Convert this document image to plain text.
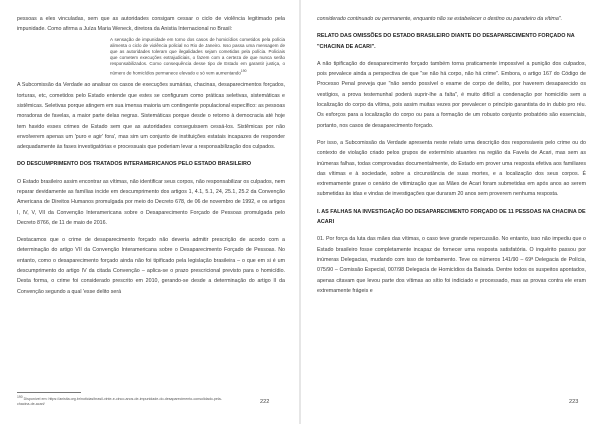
pessoas a eles vinculadas, sem que as autoridades consigam cessar o ciclo de violência legitimado pela impunidade. Como afirma a Juíza Maria Weneck, diretora da Anistia Internacional no Brasil:

A sensação de impunidade em torno dos casos de homicídios cometidos pela polícia alimenta o ciclo de violência policial no Rio de Janeiro. Isso passa uma mensagem de que as autoridades toleram que ilegalidades sejam cometidas pela polícia. Policiais que cometem execuções extrajudiciais, o fazem com a certeza de que nunca serão responsabilizados. Como consequência desse tipo de Estado em garantir justiça, o número de homicídios permanece elevado e só vem aumentando$^{190}$

A Subcomissão da Verdade ao analisar os casos de execuções sumárias, chacinas, desaparecimentos forçados, torturas, etc, cometidos pelo Estado entende que estes se configuram como práticas seletivas, sistemáticas e sistêmicas. Seletivas porque atingem em sua imensa maioria um contingente populacional específico: as pessoas moradoras de favelas, a maior parte delas negras. Sistemáticas porque desde o retorno à democracia até hoje tem havido esses crimes de Estado sem que as autoridades conseguissem cessá-los. Sistêmicas por não envolverem apenas um 'puro e agir' fora', mas sim um conjunto de instituições estatais incapazes de responder adequadamente às fases investigatórias e processuais que poderiam levar a responsabilização dos culpados.

DO DESCUMPRIMENTO DOS TRATADOS INTERAMERICANOS PELO ESTADO BRASILEIRO

O Estado brasileiro assim encontrar as vítimas, não identificar seus corpos, não responsabilizar os culpados, nem reparar devidamente as famílias incide em descumprimento dos artigos 1, 4.1, 5.1, 24, 25.1, 25.2 da Convenção Americana de Direitos Humanos promulgada por meio do Decreto 678, de 06 de novembro de 1992, e os artigos I, IV, V, VII da Convenção Interamericana sobre o Desaparecimento Forçado de Pessoas promulgada pelo Decreto 8766, de 11 de maio de 2016.

Destacamos que o crime de desaparecimento forçado não deveria admitir prescrição de acordo com a determinação do artigo VII da Convenção Interamericana sobre o Desaparecimento Forçado de Pessoas. No entanto, como o desaparecimento forçado ainda não foi tipificado pela legislação brasileira – o que em si é um descumprimento do artigo IV da citada Convenção – aplica-se o prazo prescricional previsto para o homicídio. Desta forma, o crime foi considerado prescrito em 2010, gerando-se desde a determinação do artigo II da Convenção segundo a qual 'esse delito será

190 Disponível em: https://anistia.org.br/noticias/brasil-vinte-e-cinco-anos-de-impunidade-do-desaparecimento-consolidado-pela-chacina-de-acari/	222

considerado continuado ou permanente, enquanto não se estabelecer o destino ou paradeiro da vítima".

RELATO DAS OMISSÕES DO ESTADO BRASILEIRO DIANTE DO DESAPARECIMENTO FORÇADO NA "CHACINA DE ACARI".

A não tipificação do desaparecimento forçado também torna praticamente impossível a punição dos culpados, pois prevalece ainda a perspectiva de que "se não há corpo, não há crime". Embora, o artigo 167 do Código de Processo Penal preveja que "não sendo possível o exame de corpo de delito, por haverem desaparecido os vestígios, a prova testemunhal poderá suprir-lhe a falta", é muito difícil a condenação por homicídio sem a localização do corpo da vítima, pois assim muitas vezes por prevalecer o princípio garantista do in dubio pro réu. Os esforços para a localização do corpo ou para a formação de um robusto conjunto probatório são essenciais, portanto, nos casos de desaparecimento forçado.

Por isso, a Subcomissão da Verdade apresenta neste relato uma descrição dos responsáveis pelo crime ou do contexto de violação criado pelos grupos de extermínio atuantes na região da Favela de Acari, mas sem as inúmeras falhas, todas comprovadas documentalmente, do Estado em prover uma resposta efetiva aos familiares das vítimas e à sociedade, sobre a circunstância de suas mortes, e a localização dos seus corpos. É extremamente grave o cenário de vitimização que as Mães de Acari foram submetidas em após anos ao serem submetidas às idas e vindas de investigações que duraram 20 anos sem proverem nenhuma resposta.

I. AS FALHAS NA INVESTIGAÇÃO DO DESAPARECIMENTO FORÇADO DE 11 PESSOAS NA CHACINA DE ACARI

01. Por força da luta das mães das vítimas, o caso teve grande repercussão. No entanto, isso não impediu que o Estado brasileiro fosse completamente incapaz de fornecer uma resposta satisfatória. O inquérito passou por inúmeras Delegacias, mudando com isso de tombamento. Teve os números 141/90 – 69ª Delegacia de Polícia, 075/90 – Comissão Especial, 007/98 Delegacia de Homicídios da Baixada. Dentre todos os suspeitos apontados, apenas citavam que levou parte dos vítimas ao sítio foi indiciado e processado, mas as provas contra ele eram extremamente frágeis e

223
